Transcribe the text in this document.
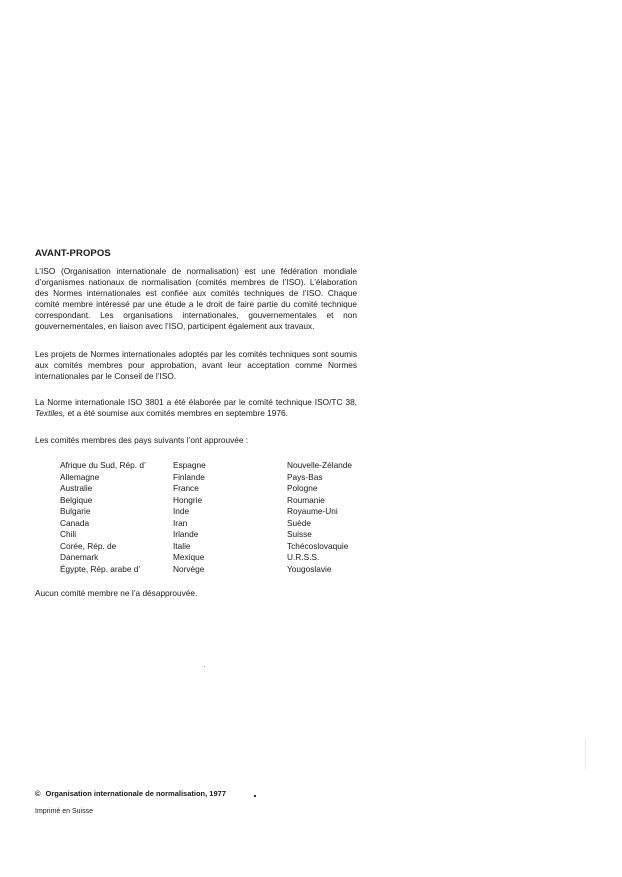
AVANT-PROPOS

L’ISO (Organisation internationale de normalisation) est une fédération mondiale d’organismes nationaux de normalisation (comités membres de l’ISO). L’élaboration des Normes internationales est confiée aux comités techniques de l’ISO. Chaque comité membre intéressé par une étude a le droit de faire partie du comité technique correspondant. Les organisations internationales, gouvernementales et non gouvernementales, en liaison avec l’ISO, participent également aux travaux.

Les projets de Normes internationales adoptés par les comités techniques sont soumis aux comités membres pour approbation, avant leur acceptation comme Normes internationales par le Conseil de l’ISO.

La Norme internationale ISO 3801 a été élaborée par le comité technique ISO/TC 38, Textiles, et a été soumise aux comités membres en septembre 1976.

Les comités membres des pays suivants l’ont approuvée :
Afrique du Sud, Rép. d’
Allemagne
Australie
Belgique
Bulgarie
Canada
Chili
Corée, Rép. de
Danemark
Égypte, Rép. arabe d’
Espagne
Finlande
France
Hongrie
Inde
Iran
Irlande
Italie
Mexique
Norvège
Nouvelle-Zélande
Pays-Bas
Pologne
Roumanie
Royaume-Uni
Suède
Suisse
Tchécoslovaquie
U.R.S.S.
Yougoslavie
Aucun comité membre ne l’a désapprouvée.
© Organisation internationale de normalisation, 1977
Imprimé en Suisse
